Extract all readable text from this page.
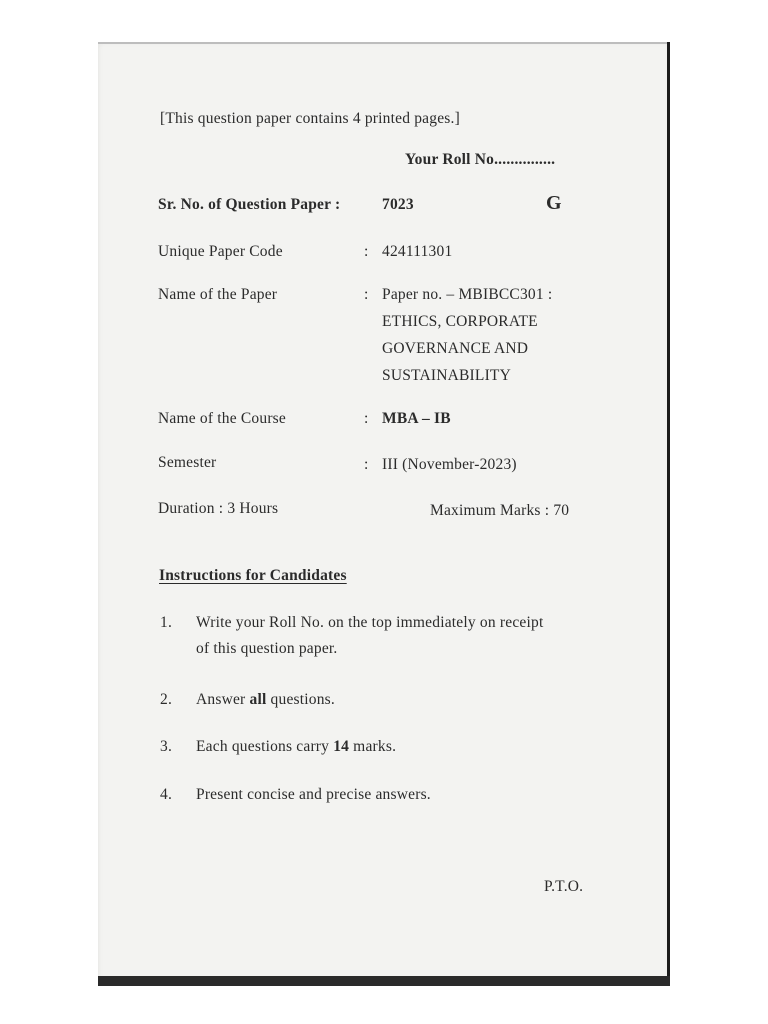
[This question paper contains 4 printed pages.]
Your Roll No...............
Sr. No. of Question Paper :	7023	G
Unique Paper Code	: 424111301
Name of the Paper	: Paper no. – MBIBCC301 :
ETHICS, CORPORATE
GOVERNANCE AND
SUSTAINABILITY
Name of the Course	: MBA – IB
Semester	: III (November-2023)
Duration : 3 Hours	Maximum Marks : 70
Instructions for Candidates
1. Write your Roll No. on the top immediately on receipt
of this question paper.
2. Answer all questions.
3. Each questions carry 14 marks.
4. Present concise and precise answers.
P.T.O.
